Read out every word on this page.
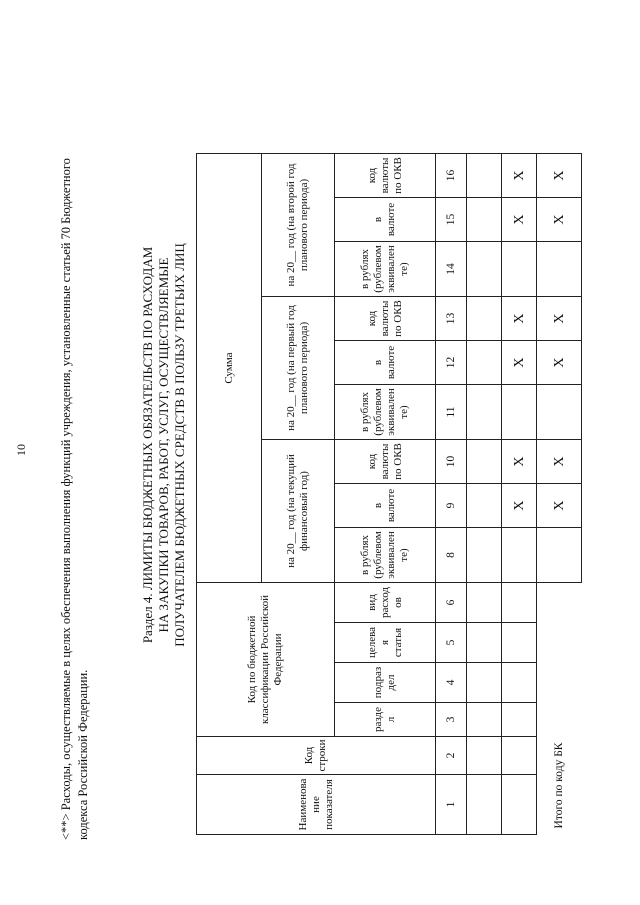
10 <**> Расходы, осуществляемые в целях обеспечения выполнения функций учреждения, установленные статьей 70 Бюджетного кодекса Российской Федерации.

Раздел 4. ЛИМИТЫ БЮДЖЕТНЫХ ОБЯЗАТЕЛЬСТВ ПО РАСХОДАМ НА ЗАКУПКИ ТОВАРОВ, РАБОТ, УСЛУГ, ОСУЩЕСТВЛЯЕМЫЕ ПОЛУЧАТЕЛЕМ БЮДЖЕТНЫХ СРЕДСТВ В ПОЛЬЗУ ТРЕТЬИХ ЛИЦ
Наименование показателя	Код строки	Код по бюджетной классификации Российской Федерации				Сумма									
						на 20__ год (на текущий финансовый год)			на 20__ год (на первый год планового периода)			на 20__ год (на второй год планового периода)			
		раздел	подраздел	целевая статья	вид расходов	в рублях (рублевом эквиваленте)	в валюте	код валюты по ОКВ	в рублях (рублевом эквиваленте)	в валюте	код валюты по ОКВ	в рублях (рублевом эквиваленте)	в валюте	код валюты по ОКВ	
1	2	3	4	5	6	8	9	10	11	12	13	14	15	16	

							X	X		X	X		X	X	
Итого по коду БК							X	X		X	X		X	X	
